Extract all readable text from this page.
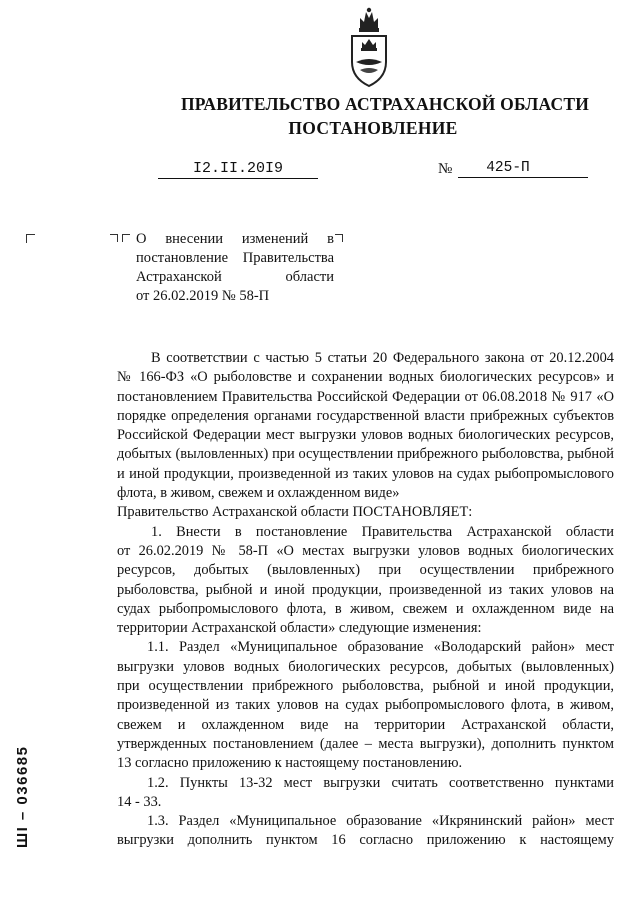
ПРАВИТЕЛЬСТВО АСТРАХАНСКОЙ ОБЛАСТИ
ПОСТАНОВЛЕНИЕ
I2.II.20I9	№	425-П
О внесении изменений в
постановление Правительства
Астраханской области
от 26.02.2019 № 58-П
В соответствии с частью 5 статьи 20 Федерального закона от 20.12.2004
№ 166-ФЗ «О рыболовстве и сохранении водных биологических ресурсов» и
постановлением Правительства Российской Федерации от 06.08.2018 № 917 «О
порядке определения органами государственной власти прибрежных субъектов
Российской Федерации мест выгрузки уловов водных биологических ресурсов,
добытых (выловленных) при осуществлении прибрежного рыболовства, рыбной
и иной продукции, произведенной из таких уловов на судах рыбопромыслового
флота, в живом, свежем и охлажденном виде»
Правительство Астраханской области ПОСТАНОВЛЯЕТ:
1. Внести в постановление Правительства Астраханской области
от 26.02.2019 № 58-П «О местах выгрузки уловов водных биологических
ресурсов, добытых (выловленных) при осуществлении прибрежного
рыболовства, рыбной и иной продукции, произведенной из таких уловов на
судах рыбопромыслового флота, в живом, свежем и охлажденном виде на
территории Астраханской области» следующие изменения:
1.1. Раздел «Муниципальное образование «Володарский район» мест
выгрузки уловов водных биологических ресурсов, добытых (выловленных)
при осуществлении прибрежного рыболовства, рыбной и иной продукции,
произведенной из таких уловов на судах рыбопромыслового флота, в живом,
свежем и охлажденном виде на территории Астраханской области,
утвержденных постановлением (далее – места выгрузки), дополнить пунктом
13 согласно приложению к настоящему постановлению.
1.2. Пункты 13-32 мест выгрузки считать соответственно пунктами
14 - 33.
1.3. Раздел «Муниципальное образование «Икрянинский район» мест
выгрузки дополнить пунктом 16 согласно приложению к настоящему
ШI – 036685
